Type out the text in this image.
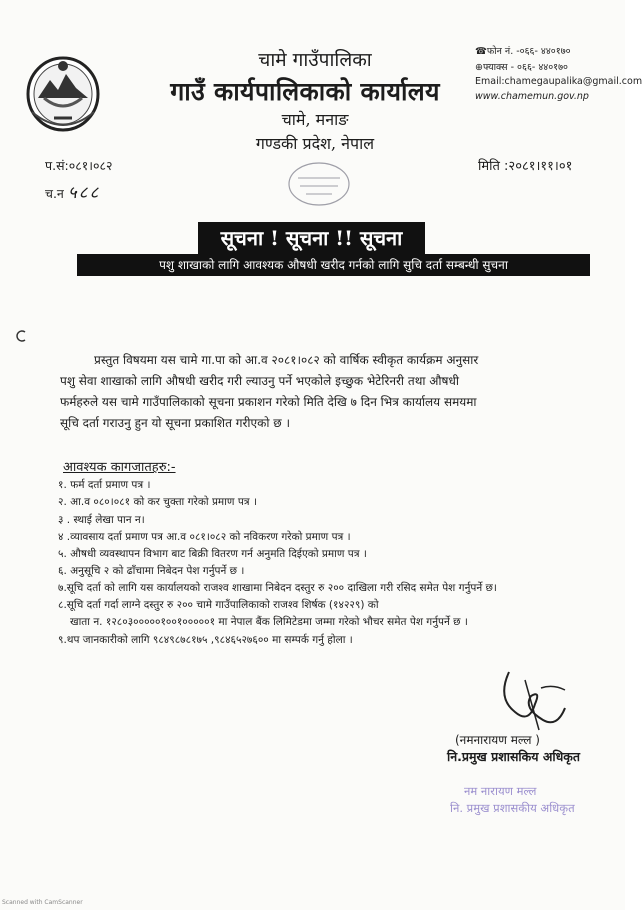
चामे गाउँपालिका
गाउँ कार्यपालिकाको कार्यालय
चामे, मनाङ
गण्डकी प्रदेश, नेपाल
☎फोन नं. -०६६- ४४०१७०
⊕फ्याक्स - ०६६- ४४०१७०
Email:chamegaupalika@gmail.com
www.chamemun.gov.np
प.सं:०८१।०८२
च.न ५८८
मिति :२०८१।११।०१
सूचना ! सूचना !! सूचना
पशु शाखाको लागि आवश्यक औषधी खरीद गर्नको लागि सुचि दर्ता सम्बन्धी सुचना
प्रस्तुत विषयमा यस चामे गा.पा को आ.व २०८१।०८२ को वार्षिक स्वीकृत कार्यक्रम अनुसार
पशु सेवा शाखाको लागि औषधी खरीद गरी ल्याउनु पर्ने भएकोले इच्छुक भेटेरिनरी तथा औषधी
फर्महरुले यस चामे गाउँपालिकाको सूचना प्रकाशन गरेको मिति देखि ७ दिन भित्र कार्यालय समयमा
सूचि दर्ता गराउनु हुन यो सूचना प्रकाशित गरीएको छ ।
आवश्यक कागजातहरु:-
१. फर्म दर्ता प्रमाण पत्र ।
२. आ.व ०८०।०८१ को कर चुक्ता गरेको प्रमाण पत्र ।
३ . स्थाई लेखा पान न।
४ .व्यावसाय दर्ता प्रमाण पत्र आ.व ०८१।०८२ को नविकरण गरेको प्रमाण पत्र ।
५. औषधी व्यवस्थापन विभाग बाट बिक्री वितरण गर्न अनुमति दिईएको प्रमाण पत्र ।
६. अनुसूचि २ को ढाँचामा निबेदन पेश गर्नुपर्ने छ ।
७.सूचि दर्ता को लागि यस कार्यालयको राजश्व शाखामा निबेदन दस्तुर रु २०० दाखिला गरी रसिद समेत पेश गर्नुपर्ने छ।
८.सूचि दर्ता गर्दा लाग्ने दस्तुर रु २०० चामे गाउँपालिकाको राजश्व शिर्षक (१४२२९) को
खाता न. १२८०३०००००१००१०००००१ मा नेपाल बैंक लिमिटेडमा जम्मा गरेको भौचर समेत पेश गर्नुपर्ने छ ।
९.थप जानकारीको लागि ९८४९८७८१७५ ,९८४६५२७६०० मा सम्पर्क गर्नु होला ।
(नमनारायण मल्ल )
नि.प्रमुख प्रशासकिय अधिकृत
नम नारायण मल्ल
नि. प्रमुख प्रशासकीय अधिकृत
Scanned with CamScanner
